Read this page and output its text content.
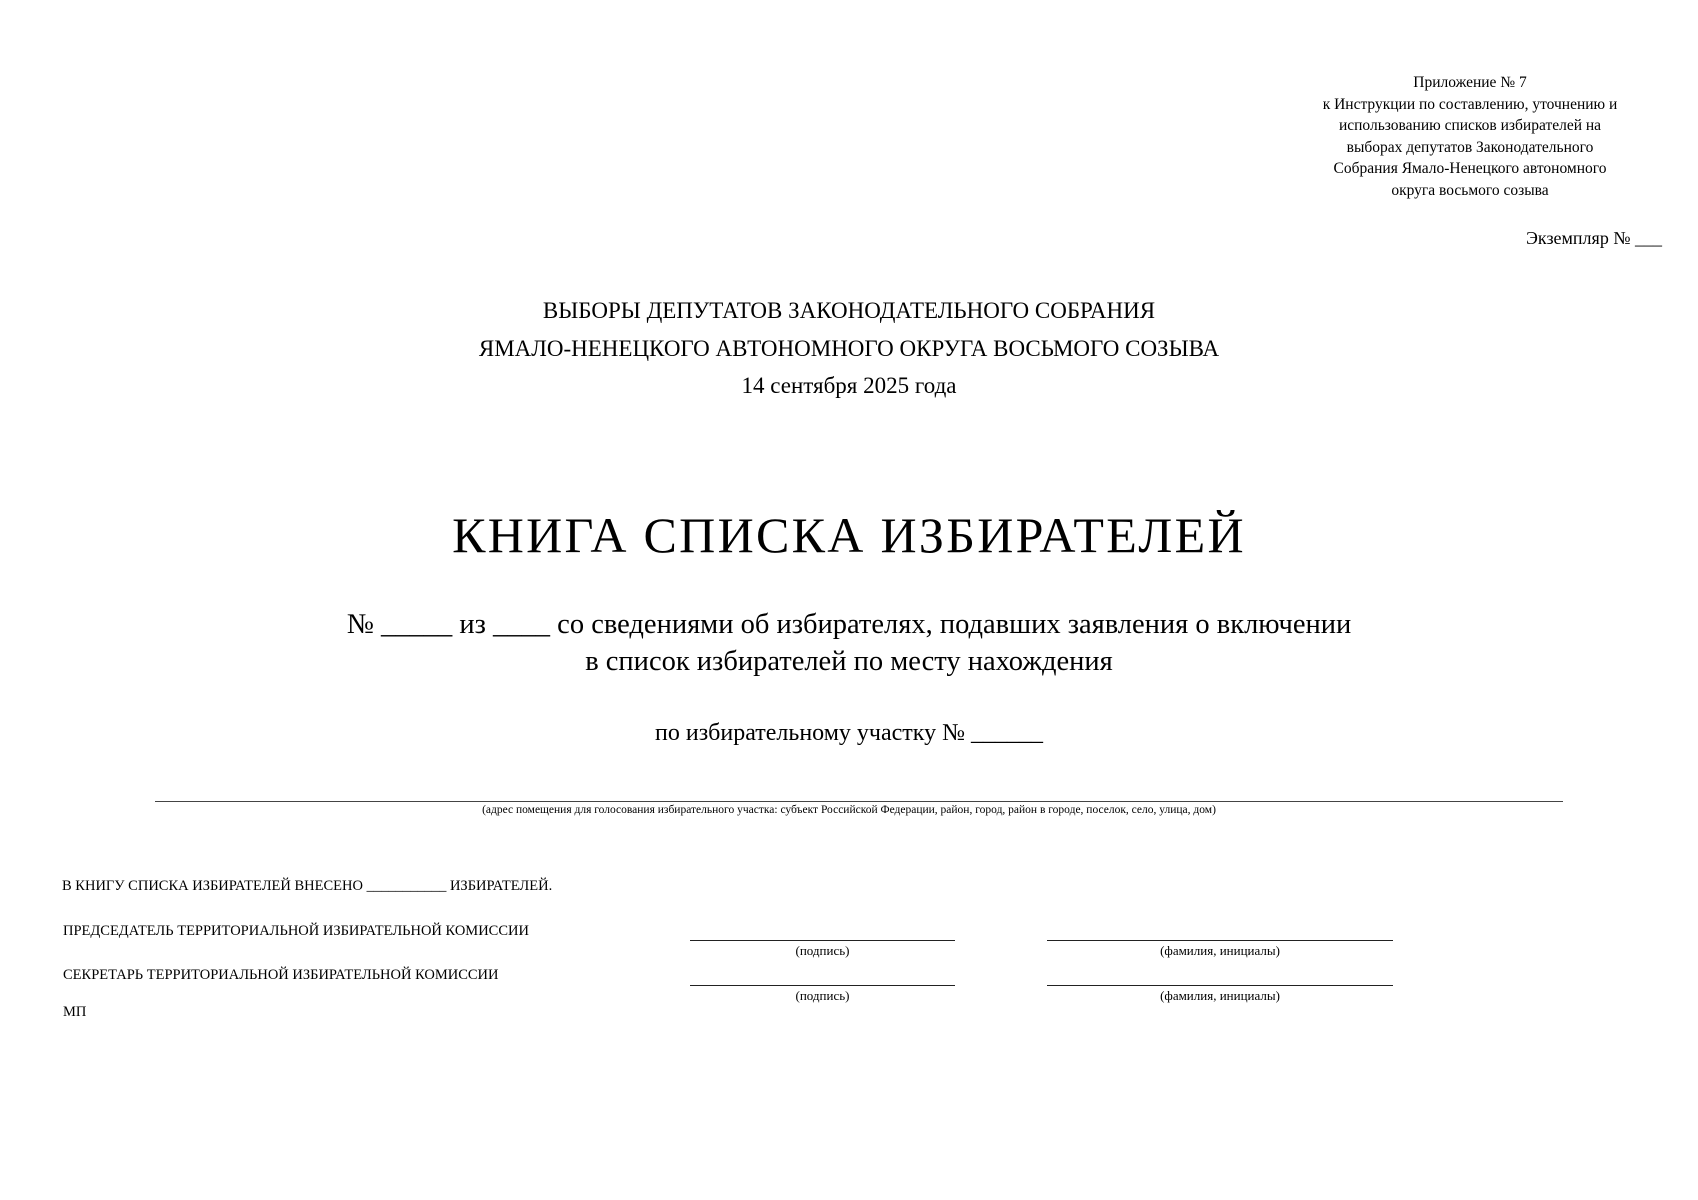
Приложение № 7
к Инструкции по составлению, уточнению и
использованию списков избирателей на
выборах депутатов Законодательного
Собрания Ямало-Ненецкого автономного
округа восьмого созыва
Экземпляр № ___
ВЫБОРЫ ДЕПУТАТОВ ЗАКОНОДАТЕЛЬНОГО СОБРАНИЯ
ЯМАЛО-НЕНЕЦКОГО АВТОНОМНОГО ОКРУГА ВОСЬМОГО СОЗЫВА
14 сентября 2025 года
КНИГА СПИСКА ИЗБИРАТЕЛЕЙ
№ _____ из ____ со сведениями об избирателях, подавших заявления о включении
в список избирателей по месту нахождения
по избирательному участку № ______
(адрес помещения для голосования избирательного участка: субъект Российской Федерации, район, город, район в городе, поселок, село, улица, дом)
В КНИГУ СПИСКА ИЗБИРАТЕЛЕЙ ВНЕСЕНО ___________ ИЗБИРАТЕЛЕЙ.
ПРЕДСЕДАТЕЛЬ ТЕРРИТОРИАЛЬНОЙ ИЗБИРАТЕЛЬНОЙ КОМИССИИ
(подпись)	(фамилия, инициалы)
СЕКРЕТАРЬ ТЕРРИТОРИАЛЬНОЙ ИЗБИРАТЕЛЬНОЙ КОМИССИИ
(подпись)	(фамилия, инициалы)
МП
